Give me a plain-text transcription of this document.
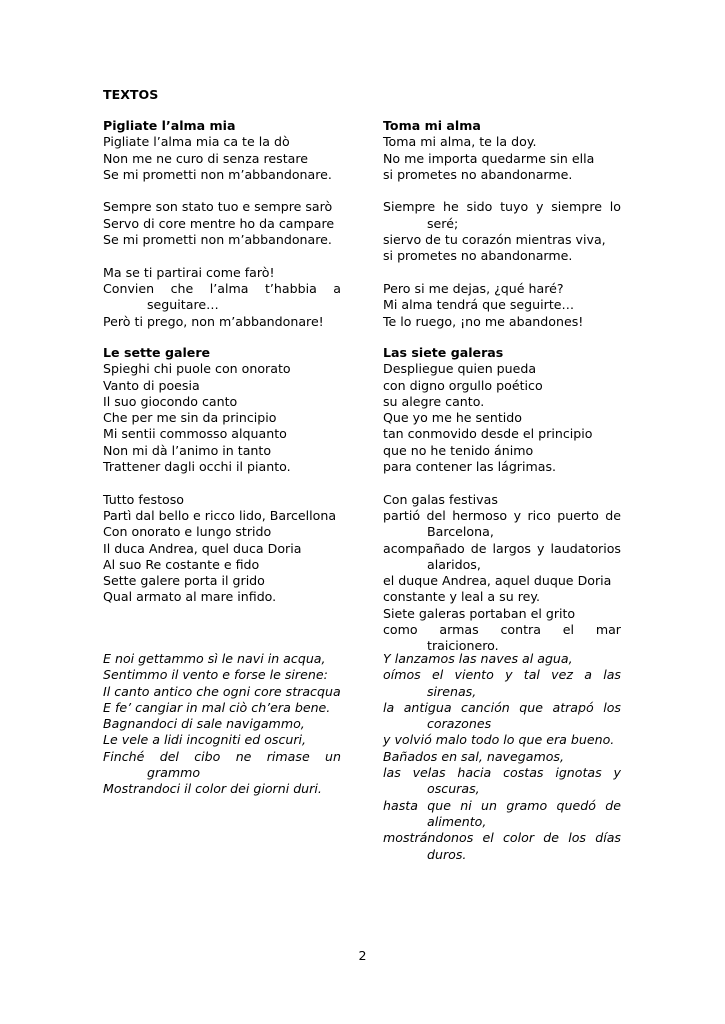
TEXTOS
Pigliate l’alma mia
Pigliate l’alma mia ca te la dò
Non me ne curo di senza restare
Se mi prometti non m’abbandonare.
Sempre son stato tuo e sempre sarò
Servo di core mentre ho da campare
Se mi prometti non m’abbandonare.
Ma se ti partirai come farò!
Convien che l’alma t’habbia a seguitare…
Però ti prego, non m’abbandonare!
Le sette galere
Spieghi chi puole con onorato
Vanto di poesia
Il suo giocondo canto
Che per me sin da principio
Mi sentii commosso alquanto
Non mi dà l’animo in tanto
Trattener dagli occhi il pianto.
Tutto festoso
Partì dal bello e ricco lido, Barcellona
Con onorato e lungo strido
Il duca Andrea, quel duca Doria
Al suo Re costante e fido
Sette galere porta il grido
Qual armato al mare infido.
E noi gettammo sì le navi in acqua,
Sentimmo il vento e forse le sirene:
Il canto antico che ogni core stracqua
E fe’ cangiar in mal ciò ch’era bene.
Bagnandoci di sale navigammo,
Le vele a lidi incogniti ed oscuri,
Finché del cibo ne rimase un grammo
Mostrandoci il color dei giorni duri.
Toma mi alma
Toma mi alma, te la doy.
No me importa quedarme sin ella
si prometes no abandonarme.
Siempre he sido tuyo y siempre lo seré;
siervo de tu corazón mientras viva,
si prometes no abandonarme.
Pero si me dejas, ¿qué haré?
Mi alma tendrá que seguirte…
Te lo ruego, ¡no me abandones!
Las siete galeras
Despliegue quien pueda
con digno orgullo poético
su alegre canto.
Que yo me he sentido
tan conmovido desde el principio
que no he tenido ánimo
para contener las lágrimas.
Con galas festivas
partió del hermoso y rico puerto de Barcelona,
acompañado de largos y laudatorios alaridos,
el duque Andrea, aquel duque Doria
constante y leal a su rey.
Siete galeras portaban el grito
como armas contra el mar traicionero.
Y lanzamos las naves al agua,
oímos el viento y tal vez a las sirenas,
la antigua canción que atrapó los corazones
y volvió malo todo lo que era bueno.
Bañados en sal, navegamos,
las velas hacia costas ignotas y oscuras,
hasta que ni un gramo quedó de alimento,
mostrándonos el color de los días duros.
2
